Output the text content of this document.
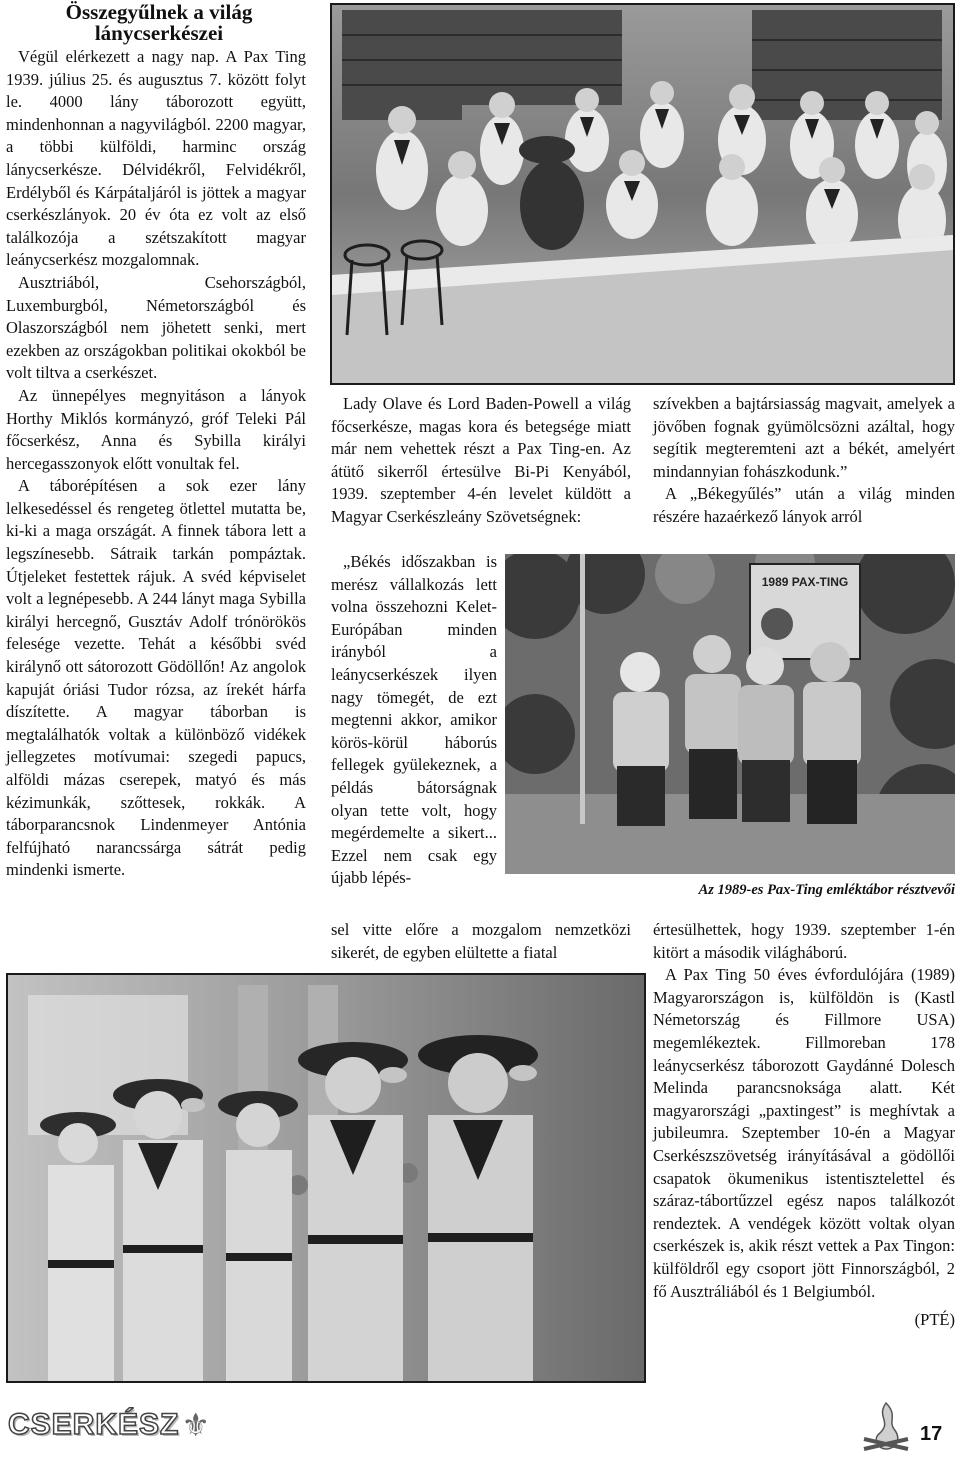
Összegyűlnek a világ
lánycserkészei

Végül elérkezett a nagy nap. A Pax Ting 1939. július 25. és augusztus 7. között folyt le. 4000 lány táborozott együtt, mindenhonnan a nagyvilágból. 2200 magyar, a többi külföldi, harminc ország lánycserkésze. Délvidékről, Felvidékről, Erdélyből és Kárpátaljáról is jöttek a magyar cserkészlányok. 20 év óta ez volt az első találkozója a szétszakított magyar leánycserkész mozgalomnak.

Ausztriából, Csehországból, Luxemburgból, Németországból és Olaszországból nem jöhetett senki, mert ezekben az országokban politikai okokból be volt tiltva a cserkészet.

Az ünnepélyes megnyitáson a lányok Horthy Miklós kormányzó, gróf Teleki Pál főcserkész, Anna és Sybilla királyi hercegasszonyok előtt vonultak fel.

A táborépítésen a sok ezer lány lelkesedéssel és rengeteg ötlettel mutatta be, ki-ki a maga országát. A finnek tábora lett a legszínesebb. Sátraik tarkán pompáztak. Útjeleket festettek rájuk. A svéd képviselet volt a legnépesebb. A 244 lányt maga Sybilla királyi hercegnő, Gusztáv Adolf trónörökös felesége vezette. Tehát a későbbi svéd királynő ott sátorozott Gödöllőn! Az angolok kapuját óriási Tudor rózsa, az írekét hárfa díszítette. A magyar táborban is megtalálhatók voltak a különböző vidékek jellegzetes motívumai: szegedi papucs, alföldi mázas cserepek, matyó és más kézimunkák, szőttesek, rokkák. A táborparancsnok Lindenmeyer Antónia felfújható narancssárga sátrát pedig mindenki ismerte.

Lady Olave és Lord Baden-Powell a világ főcserkésze, magas kora és betegsége miatt már nem vehettek részt a Pax Ting-en. Az átütő sikerről értesülve Bi-Pi Kenyából, 1939. szeptember 4-én levelet küldött a Magyar Cserkészleány Szövetségnek:

„Békés időszakban is merész vállalkozás lett volna összehozni Kelet-Európában minden irányból a leánycserkészek ilyen nagy tömegét, de ezt megtenni akkor, amikor körös-körül háborús fellegek gyülekeznek, a példás bátorságnak olyan tette volt, hogy megérdemelte a sikert... Ezzel nem csak egy újabb lépés-

sel vitte előre a mozgalom nemzetközi sikerét, de egyben elültette a fiatal

szívekben a bajtársiasság magvait, amelyek a jövőben fognak gyümölcsözni azáltal, hogy segítik megteremteni azt a békét, amelyért mindannyian fohászkodunk.”

A „Békegyűlés” után a világ minden részére hazaérkező lányok arról

1989 PAX-TING
Az 1989-es Pax-Ting emléktábor résztvevői

értesülhettek, hogy 1939. szeptember 1-én kitört a második világháború.

A Pax Ting 50 éves évfordulójára (1989) Magyarországon is, külföldön is (Kastl Németország és Fillmore USA) megemlékeztek. Fillmoreban 178 leánycserkész táborozott Gaydánné Dolesch Melinda parancsnoksága alatt. Két magyarországi „paxtingest” is meghívtak a jubileumra. Szeptember 10-én a Magyar Cserkészszövetség irányításával a gödöllői csapatok ökumenikus istentisztelettel és száraz-tábortűzzel egész napos találkozót rendeztek. A vendégek között voltak olyan cserkészek is, akik részt vettek a Pax Tingon: külföldről egy csoport jött Finnországból, 2 fő Ausztráliából és 1 Belgiumból.

(PTÉ)
CSERKÉSZ ⚜	17
